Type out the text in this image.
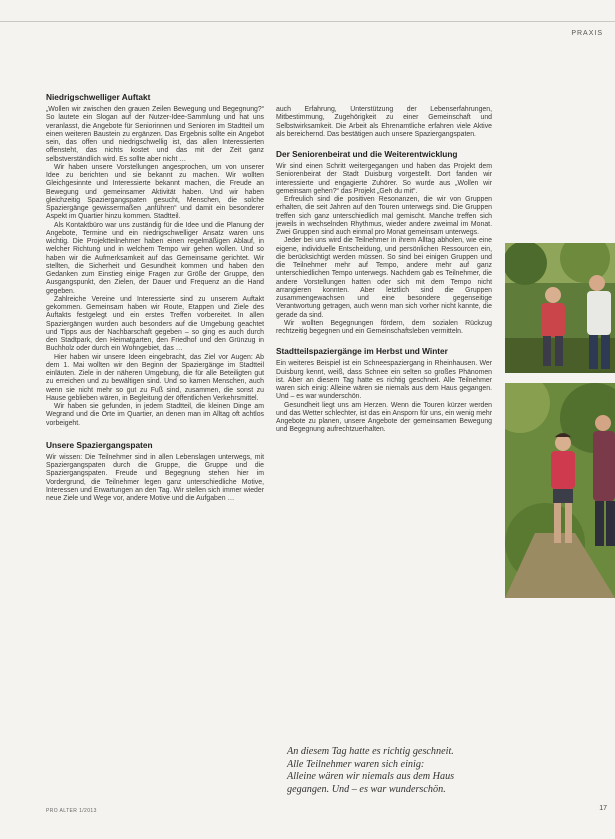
PRAXIS

Niedrigschwelliger Auftakt

„Wollen wir zwischen den grauen Zeilen Bewegung und Begegnung?“ So lautete ein Slogan auf der Nutzer-Idee-Sammlung und hat uns veranlasst, die Angebote für Seniorinnen und Senioren im Stadtteil um einen weiteren Baustein zu ergänzen. Das Ergebnis sollte ein Angebot sein, das offen und niedrigschwellig ist, das allen Interessierten offensteht, das nichts kostet und das mit der Zeit ganz selbstverständlich wird. Es sollte aber nicht …

Wir haben unsere Vorstellungen angesprochen, um von unserer Idee zu berichten und sie bekannt zu machen. Wir wollten Gleichgesinnte und Interessierte bekannt machen, die Freude an Bewegung und gemeinsamer Aktivität haben. Und wir haben gleichzeitig Spaziergangspaten gesucht, Menschen, die solche Spaziergänge gewissermaßen „anführen“ und damit ein besonderer Aspekt im Quartier hinzu kommen. Stadtteil.

Als Kontaktbüro war uns zuständig für die Idee und die Planung der Angebote, Termine und ein niedrigschwelliger Ansatz waren uns wichtig. Die Projektteilnehmer haben einen regelmäßigen Ablauf, in welcher Richtung und in welchem Tempo wir gehen wollen. Und so haben wir die Aufmerksamkeit auf das Gemeinsame gerichtet. Wir stellten, die Sicherheit und Gesundheit kommen und haben den Gedanken zum Einstieg einige Fragen zur Größe der Gruppe, den Ausgangspunkt, den Zielen, der Dauer und Frequenz an die Hand gegeben.

Zahlreiche Vereine und Interessierte sind zu unserem Auftakt gekommen. Gemeinsam haben wir Route, Etappen und Ziele des Auftakts festgelegt und ein erstes Treffen vorbereitet. In allen Spaziergängen wurden auch besonders auf die Umgebung geachtet und Tipps aus der Nachbarschaft gegeben – so ging es auch durch den Stadtpark, den Heimatgarten, den Friedhof und den Grünzug in Buchholz oder durch ein Wohngebiet, das …

Hier haben wir unsere Ideen eingebracht, das Ziel vor Augen: Ab dem 1. Mai wollten wir den Beginn der Spaziergänge im Stadtteil einläuten. Ziele in der näheren Umgebung, die für alle Beteiligten gut zu erreichen und zu bewältigen sind. Und so kamen Menschen, auch wenn sie nicht mehr so gut zu Fuß sind, zusammen, die sonst zu Hause geblieben wären, in Begleitung der öffentlichen Verkehrsmittel.

Wir haben sie gefunden, in jedem Stadtteil, die kleinen Dinge am Wegrand und die Orte im Quartier, an denen man im Alltag oft achtlos vorbeigeht.

Unsere Spaziergangspaten

Wir wissen: Die Teilnehmer sind in allen Lebenslagen unterwegs, mit Spaziergangspaten durch die Gruppe, die Gruppe und die Spaziergangspaten. Freude und Begegnung stehen hier im Vordergrund, die Teilnehmer legen ganz unterschiedliche Motive, Interessen und Erwartungen an den Tag. Wir stellen sich immer wieder neue Ziele und Wege vor, andere Motive und die Aufgaben …

auch Erfahrung, Unterstützung der Lebenserfahrungen, Mitbestimmung, Zugehörigkeit zu einer Gemeinschaft und Selbstwirksamkeit. Die Arbeit als Ehrenamtliche erfahren viele Aktive als bereichernd. Das bestätigen auch unsere Spaziergangspaten.

Der Seniorenbeirat und die Weiterentwicklung

Wir sind einen Schritt weitergegangen und haben das Projekt dem Seniorenbeirat der Stadt Duisburg vorgestellt. Dort fanden wir interessierte und engagierte Zuhörer. So wurde aus „Wollen wir gemeinsam gehen?“ das Projekt „Geh du mit“.

Erfreulich sind die positiven Resonanzen, die wir von Gruppen erhalten, die seit Jahren auf den Touren unterwegs sind. Die Gruppen treffen sich ganz unterschiedlich mal gemischt. Manche treffen sich jeweils in wechselnden Rhythmus, wieder andere zweimal im Monat. Zwei Gruppen sind auch einmal pro Monat gemeinsam unterwegs.

Jeder bei uns wird die Teilnehmer in ihrem Alltag abholen, wie eine eigene, individuelle Entscheidung, und persönlichen Ressourcen ein, die berücksichtigt werden müssen. So sind bei einigen Gruppen und die Teilnehmer mehr auf Tempo, andere mehr auf ganz unterschiedlichen Tempo unterwegs. Nachdem gab es Teilnehmer, die andere Vorstellungen hatten oder sich mit dem Tempo nicht arrangieren konnten. Aber letztlich sind die Gruppen zusammengewachsen und eine besondere gegenseitige Verantwortung getragen, auch wenn man sich vorher nicht kannte, die gerade da sind.

Wir wollten Begegnungen fördern, dem sozialen Rückzug rechtzeitig begegnen und ein Gemeinschaftsleben vermitteln.

Stadtteilspaziergänge im Herbst und Winter

Ein weiteres Beispiel ist ein Schneespaziergang in Rheinhausen. Wer Duisburg kennt, weiß, dass Schnee ein selten so großes Phänomen ist. Aber an diesem Tag hatte es richtig geschneit. Alle Teilnehmer waren sich einig: Alleine wären sie niemals aus dem Haus gegangen. Und – es war wunderschön.

Gesundheit liegt uns am Herzen. Wenn die Touren kürzer werden und das Wetter schlechter, ist das ein Ansporn für uns, ein wenig mehr Angebote zu planen, unsere Angebote der gemeinsamen Bewegung und Begegnung aufrechtzuerhalten.

An diesem Tag hatte es richtig geschneit.

Alle Teilnehmer waren sich einig:

Alleine wären wir niemals aus dem Haus

gegangen. Und – es war wunderschön.

PRO ALTER 1/2013	17
